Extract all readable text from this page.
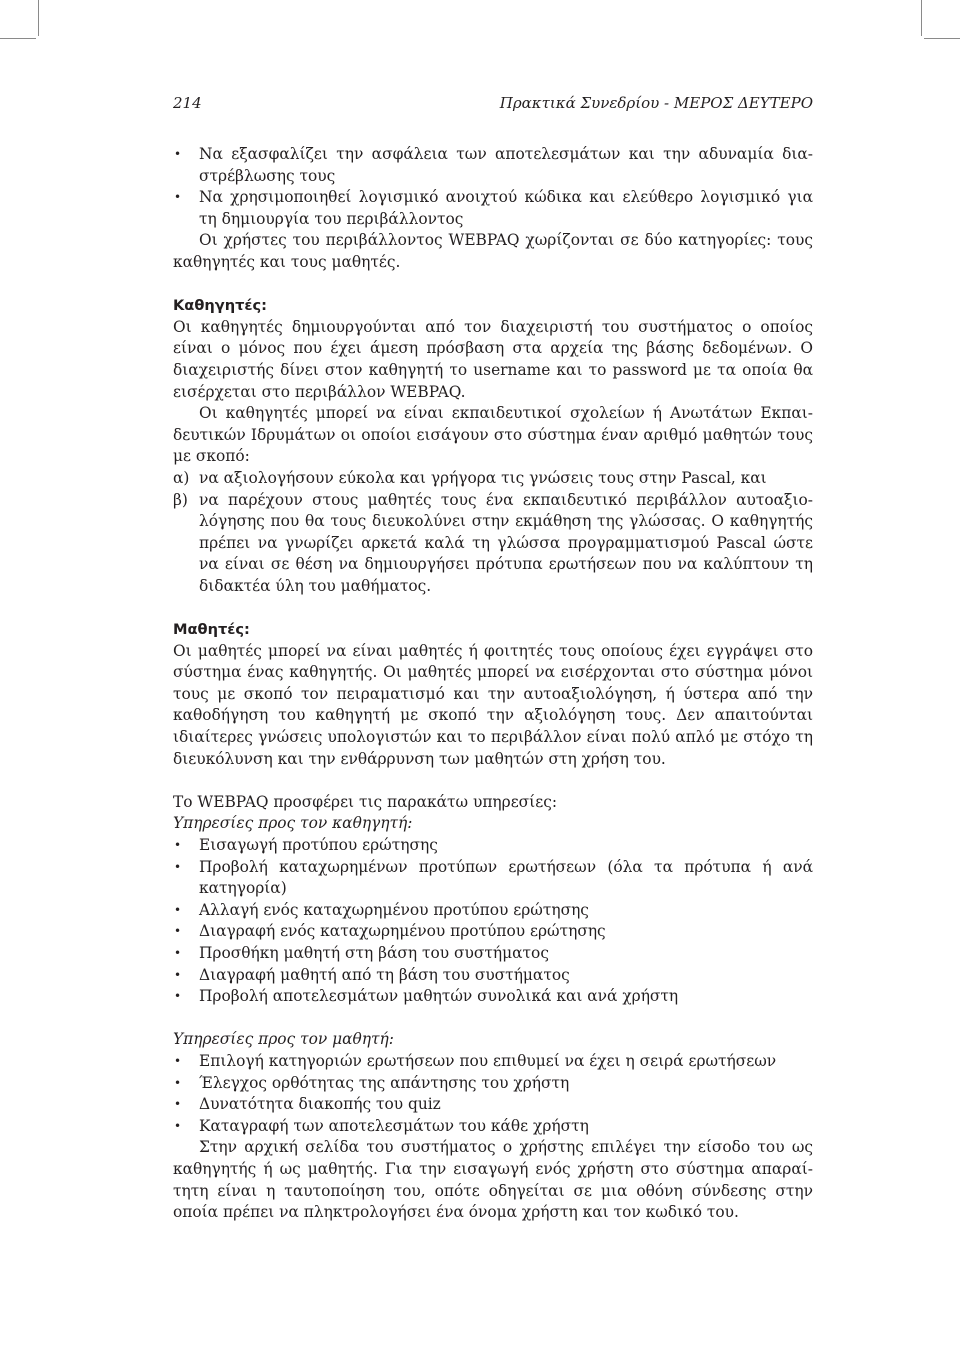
214	Πρακτικά Συνεδρίου - ΜΕΡΟΣ ΔΕΥΤΕΡΟ
• Να εξασφαλίζει την ασφάλεια των αποτελεσμάτων και την αδυναμία διαστρέβλωσης τους
• Να χρησιμοποιηθεί λογισμικό ανοιχτού κώδικα και ελεύθερο λογισμικό για τη δημιουργία του περιβάλλοντος

Οι χρήστες του περιβάλλοντος WEBPAQ χωρίζονται σε δύο κατηγορίες: τους καθηγητές και τους μαθητές.

Καθηγητές:

Οι καθηγητές δημιουργούνται από τον διαχειριστή του συστήματος ο οποίος είναι ο μόνος που έχει άμεση πρόσβαση στα αρχεία της βάσης δεδομένων. Ο διαχειριστής δίνει στον καθηγητή το username και το password με τα οποία θα εισέρχεται στο περιβάλλον WEBPAQ.

Οι καθηγητές μπορεί να είναι εκπαιδευτικοί σχολείων ή Ανωτάτων Εκπαιδευτικών Ιδρυμάτων οι οποίοι εισάγουν στο σύστημα έναν αριθμό μαθητών τους με σκοπό:

α) να αξιολογήσουν εύκολα και γρήγορα τις γνώσεις τους στην Pascal, και
β) να παρέχουν στους μαθητές τους ένα εκπαιδευτικό περιβάλλον αυτοαξιολόγησης που θα τους διευκολύνει στην εκμάθηση της γλώσσας. Ο καθηγητής πρέπει να γνωρίζει αρκετά καλά τη γλώσσα προγραμματισμού Pascal ώστε να είναι σε θέση να δημιουργήσει πρότυπα ερωτήσεων που να καλύπτουν τη διδακτέα ύλη του μαθήματος.
Μαθητές:

Οι μαθητές μπορεί να είναι μαθητές ή φοιτητές τους οποίους έχει εγγράψει στο σύστημα ένας καθηγητής. Οι μαθητές μπορεί να εισέρχονται στο σύστημα μόνοι τους με σκοπό τον πειραματισμό και την αυτοαξιολόγηση, ή ύστερα από την καθοδήγηση του καθηγητή με σκοπό την αξιολόγηση τους. Δεν απαιτούνται ιδιαίτερες γνώσεις υπολογιστών και το περιβάλλον είναι πολύ απλό με στόχο τη διευκόλυνση και την ενθάρρυνση των μαθητών στη χρήση του.

Το WEBPAQ προσφέρει τις παρακάτω υπηρεσίες:

Υπηρεσίες προς τον καθηγητή:
• Εισαγωγή προτύπου ερώτησης
• Προβολή καταχωρημένων προτύπων ερωτήσεων (όλα τα πρότυπα ή ανά κατηγορία)
• Αλλαγή ενός καταχωρημένου προτύπου ερώτησης
• Διαγραφή ενός καταχωρημένου προτύπου ερώτησης
• Προσθήκη μαθητή στη βάση του συστήματος
• Διαγραφή μαθητή από τη βάση του συστήματος
• Προβολή αποτελεσμάτων μαθητών συνολικά και ανά χρήστη
Υπηρεσίες προς τον μαθητή:
• Επιλογή κατηγοριών ερωτήσεων που επιθυμεί να έχει η σειρά ερωτήσεων
• Έλεγχος ορθότητας της απάντησης του χρήστη
• Δυνατότητα διακοπής του quiz
• Καταγραφή των αποτελεσμάτων του κάθε χρήστη

Στην αρχική σελίδα του συστήματος ο χρήστης επιλέγει την είσοδο του ως καθηγητής ή ως μαθητής. Για την εισαγωγή ενός χρήστη στο σύστημα απαραίτητη είναι η ταυτοποίηση του, οπότε οδηγείται σε μια οθόνη σύνδεσης στην οποία πρέπει να πληκτρολογήσει ένα όνομα χρήστη και τον κωδικό του.
